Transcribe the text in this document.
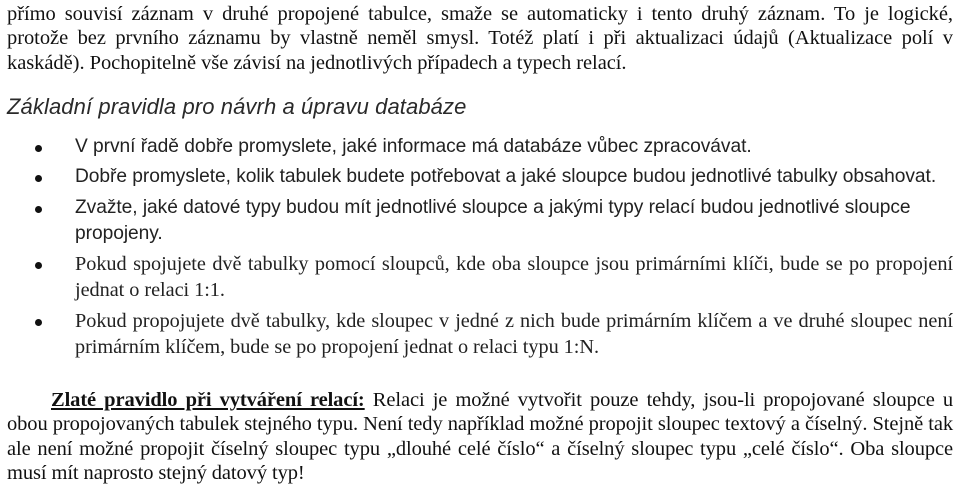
přímo souvisí záznam v druhé propojené tabulce, smaže se automaticky i tento druhý záznam. To je logické, protože bez prvního záznamu by vlastně neměl smysl. Totéž platí i při aktualizaci údajů (Aktualizace polí v kaskádě). Pochopitelně vše závisí na jednotlivých případech a typech relací.

Základní pravidla pro návrh a úpravu databáze
V první řadě dobře promyslete, jaké informace má databáze vůbec zpracovávat.
Dobře promyslete, kolik tabulek budete potřebovat a jaké sloupce budou jednotlivé tabulky obsahovat.
Zvažte, jaké datové typy budou mít jednotlivé sloupce a jakými typy relací budou jednotlivé sloupce propojeny.
Pokud spojujete dvě tabulky pomocí sloupců, kde oba sloupce jsou primárními klíči, bude se po propojení jednat o relaci 1:1.
Pokud propojujete dvě tabulky, kde sloupec v jedné z nich bude primárním klíčem a ve druhé sloupec není primárním klíčem, bude se po propojení jednat o relaci typu 1:N.

Zlaté pravidlo při vytváření relací: Relaci je možné vytvořit pouze tehdy, jsou-li propojované sloupce u obou propojovaných tabulek stejného typu. Není tedy například možné propojit sloupec textový a číselný. Stejně tak ale není možné propojit číselný sloupec typu „dlouhé celé číslo“ a číselný sloupec typu „celé číslo“. Oba sloupce musí mít naprosto stejný datový typ!
